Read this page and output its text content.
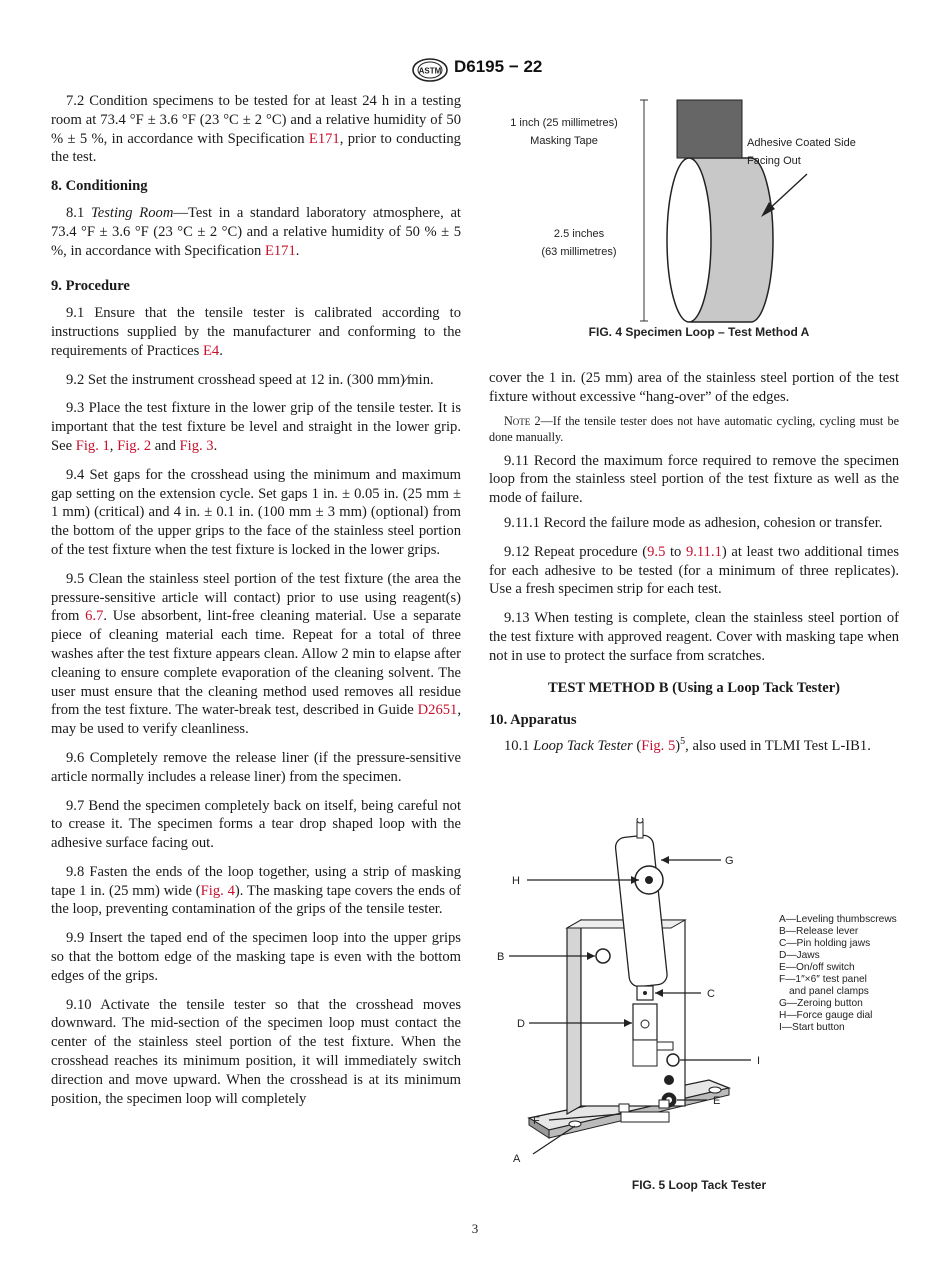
ASTM D6195 − 22

7.2 Condition specimens to be tested for at least 24 h in a testing room at 73.4 °F ± 3.6 °F (23 °C ± 2 °C) and a relative humidity of 50 % ± 5 %, in accordance with Specification E171, prior to conducting the test.

8. Conditioning

8.1 Testing Room—Test in a standard laboratory atmosphere, at 73.4 °F ± 3.6 °F (23 °C ± 2 °C) and a relative humidity of 50 % ± 5 %, in accordance with Specification E171.

9. Procedure

9.1 Ensure that the tensile tester is calibrated according to instructions supplied by the manufacturer and conforming to the requirements of Practices E4.

9.2 Set the instrument crosshead speed at 12 in. (300 mm)⁄min.

9.3 Place the test fixture in the lower grip of the tensile tester. It is important that the test fixture be level and straight in the lower grip. See Fig. 1, Fig. 2 and Fig. 3.

9.4 Set gaps for the crosshead using the minimum and maximum gap setting on the extension cycle. Set gaps 1 in. ± 0.05 in. (25 mm ± 1 mm) (critical) and 4 in. ± 0.1 in. (100 mm ± 3 mm) (optional) from the bottom of the upper grips to the face of the stainless steel portion of the test fixture when the test fixture is locked in the lower grips.

9.5 Clean the stainless steel portion of the test fixture (the area the pressure-sensitive article will contact) prior to use using reagent(s) from 6.7. Use absorbent, lint-free cleaning material. Use a separate piece of cleaning material each time. Repeat for a total of three washes after the test fixture appears clean. Allow 2 min to elapse after cleaning to ensure complete evaporation of the cleaning solvent. The user must ensure that the cleaning method used removes all residue from the test fixture. The water-break test, described in Guide D2651, may be used to verify cleanliness.

9.6 Completely remove the release liner (if the pressure-sensitive article normally includes a release liner) from the specimen.

9.7 Bend the specimen completely back on itself, being careful not to crease it. The specimen forms a tear drop shaped loop with the adhesive surface facing out.

9.8 Fasten the ends of the loop together, using a strip of masking tape 1 in. (25 mm) wide (Fig. 4). The masking tape covers the ends of the loop, preventing contamination of the grips of the tensile tester.

9.9 Insert the taped end of the specimen loop into the upper grips so that the bottom edge of the masking tape is even with the bottom edges of the grips.

9.10 Activate the tensile tester so that the crosshead moves downward. The mid-section of the specimen loop must contact the center of the stainless steel portion of the test fixture. When the crosshead reaches its minimum position, it will immediately switch direction and move upward. When the crosshead is at its minimum position, the specimen loop will completely

1 inch (25 millimetres)
Masking Tape	Adhesive Coated Side
Facing Out
2.5 inches
(63 millimetres)
FIG. 4 Specimen Loop – Test Method A

cover the 1 in. (25 mm) area of the stainless steel portion of the test fixture without excessive “hang-over” of the edges.

Note 2—If the tensile tester does not have automatic cycling, cycling must be done manually.

9.11 Record the maximum force required to remove the specimen loop from the stainless steel portion of the test fixture as well as the mode of failure.

9.11.1 Record the failure mode as adhesion, cohesion or transfer.

9.12 Repeat procedure (9.5 to 9.11.1) at least two additional times for each adhesive to be tested (for a minimum of three replicates). Use a fresh specimen strip for each test.

9.13 When testing is complete, clean the stainless steel portion of the test fixture with approved reagent. Cover with masking tape when not in use to protect the surface from scratches.

TEST METHOD B (Using a Loop Tack Tester)
10. Apparatus

10.1 Loop Tack Tester (Fig. 5)$^5$, also used in TLMI Test L-IB1.

G
H
B
C
D
I
E
F
A
A—Leveling thumbscrews
B—Release lever
C—Pin holding jaws
D—Jaws
E—On/off switch
F—1″×6″ test panel
and panel clamps
G—Zeroing button
H—Force gauge dial
I—Start button
FIG. 5 Loop Tack Tester
3
